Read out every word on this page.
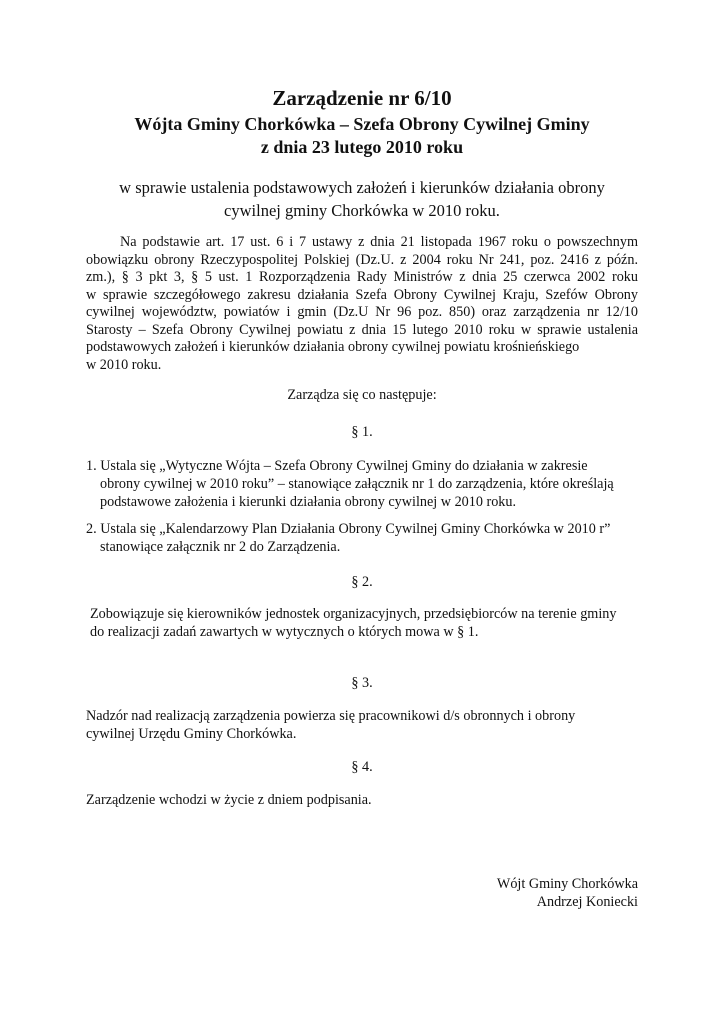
Zarządzenie nr 6/10
Wójta Gminy Chorkówka – Szefa Obrony Cywilnej Gminy
z dnia 23 lutego 2010 roku
w sprawie ustalenia podstawowych założeń i kierunków działania obrony
cywilnej gminy Chorkówka w 2010 roku.
Na podstawie art. 17 ust. 6 i 7 ustawy z dnia 21 listopada 1967 roku o powszechnym
obowiązku obrony Rzeczypospolitej Polskiej (Dz.U. z 2004 roku Nr 241, poz. 2416 z późn.
zm.), § 3 pkt 3, § 5 ust. 1 Rozporządzenia Rady Ministrów z dnia 25 czerwca 2002 roku
w sprawie szczegółowego zakresu działania Szefa Obrony Cywilnej Kraju, Szefów Obrony
cywilnej województw, powiatów i gmin (Dz.U Nr 96 poz. 850) oraz zarządzenia nr 12/10
Starosty – Szefa Obrony Cywilnej powiatu z dnia 15 lutego 2010 roku w sprawie ustalenia
podstawowych założeń i kierunków działania obrony cywilnej powiatu krośnieńskiego
w 2010 roku.
Zarządza się co następuje:
§ 1.
1. Ustala się „Wytyczne Wójta – Szefa Obrony Cywilnej Gminy do działania w zakresie
obrony cywilnej w 2010 roku” – stanowiące załącznik nr 1 do zarządzenia, które określają
podstawowe założenia i kierunki działania obrony cywilnej w 2010 roku.
2. Ustala się „Kalendarzowy Plan Działania Obrony Cywilnej Gminy Chorkówka w 2010 r”
stanowiące załącznik nr 2 do Zarządzenia.
§ 2.
Zobowiązuje się kierowników jednostek organizacyjnych, przedsiębiorców na terenie gminy
do realizacji zadań zawartych w wytycznych o których mowa w § 1.
§ 3.
Nadzór nad realizacją zarządzenia powierza się pracownikowi d/s obronnych i obrony
cywilnej Urzędu Gminy Chorkówka.
§ 4.
Zarządzenie wchodzi w życie z dniem podpisania.
Wójt Gminy Chorkówka
Andrzej Koniecki
